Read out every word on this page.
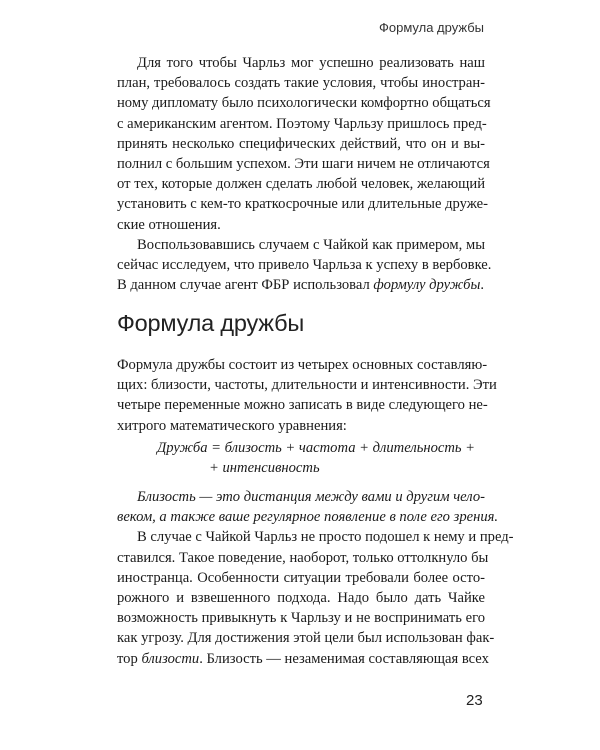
Формула дружбы
Для того чтобы Чарльз мог успешно реализовать наш
план, требовалось создать такие условия, чтобы иностран-
ному дипломату было психологически комфортно общаться
с американским агентом. Поэтому Чарльзу пришлось пред-
принять несколько специфических действий, что он и вы-
полнил с большим успехом. Эти шаги ничем не отличаются
от тех, которые должен сделать любой человек, желающий
установить с кем-то краткосрочные или длительные друже-
ские отношения.
Воспользовавшись случаем с Чайкой как примером, мы
сейчас исследуем, что привело Чарльза к успеху в вербовке.
В данном случае агент ФБР использовал формулу дружбы.
Формула дружбы
Формула дружбы состоит из четырех основных составляю-
щих: близости, частоты, длительности и интенсивности. Эти
четыре переменные можно записать в виде следующего не-
хитрого математического уравнения:
Дружба = близость + частота + длительность +
+ интенсивность
Близость — это дистанция между вами и другим чело-
веком, а также ваше регулярное появление в поле его зрения.
В случае с Чайкой Чарльз не просто подошел к нему и пред-
ставился. Такое поведение, наоборот, только оттолкнуло бы
иностранца. Особенности ситуации требовали более осто-
рожного и взвешенного подхода. Надо было дать Чайке
возможность привыкнуть к Чарльзу и не воспринимать его
как угрозу. Для достижения этой цели был использован фак-
тор близости. Близость — незаменимая составляющая всех
23
